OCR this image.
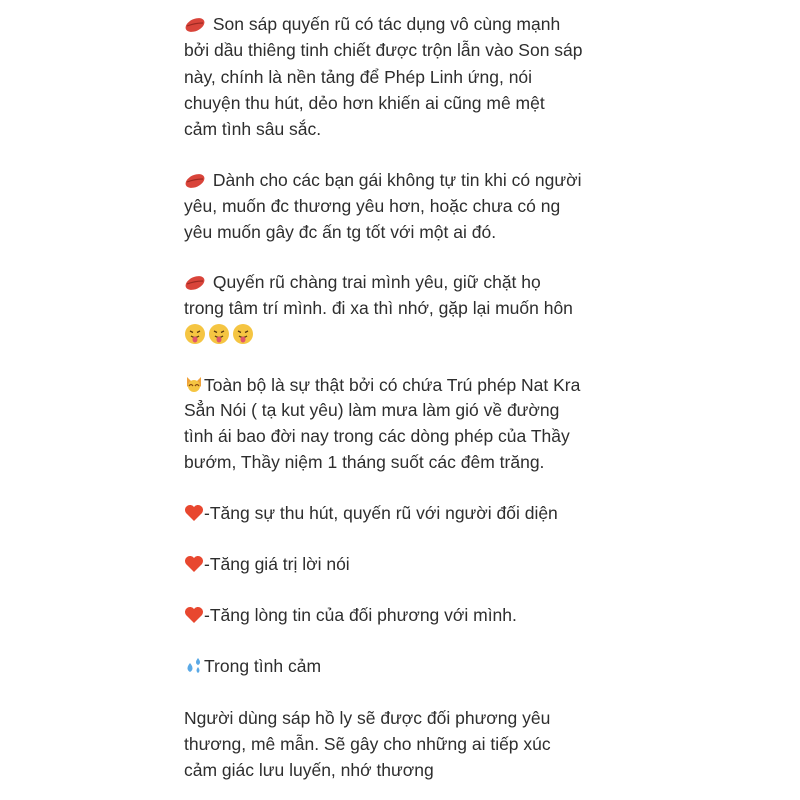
Son sáp quyến rũ có tác dụng vô cùng mạnh
bởi dầu thiêng tinh chiết được trộn lẫn vào Son sáp
này, chính là nền tảng để Phép Linh ứng, nói
chuyện thu hút, dẻo hơn khiến ai cũng mê mệt
cảm tình sâu sắc.
Dành cho các bạn gái không tự tin khi có người
yêu, muốn đc thương yêu hơn, hoặc chưa có ng
yêu muốn gây đc ấn tg tốt với một ai đó.
Quyến rũ chàng trai mình yêu, giữ chặt họ
trong tâm trí mình. đi xa thì nhớ, gặp lại muốn hôn
Toàn bộ là sự thật bởi có chứa Trú phép Nat Kra
Sẳn Nói ( tạ kut yêu) làm mưa làm gió về đường
tình ái bao đời nay trong các dòng phép của Thầy
bướm, Thầy niệm 1 tháng suốt các đêm trăng.
-Tăng sự thu hút, quyến rũ với người đối diện
-Tăng giá trị lời nói
-Tăng lòng tin của đối phương với mình.
Trong tình cảm
Người dùng sáp hồ ly sẽ được đối phương yêu
thương, mê mẫn. Sẽ gây cho những ai tiếp xúc
cảm giác lưu luyến, nhớ thương
